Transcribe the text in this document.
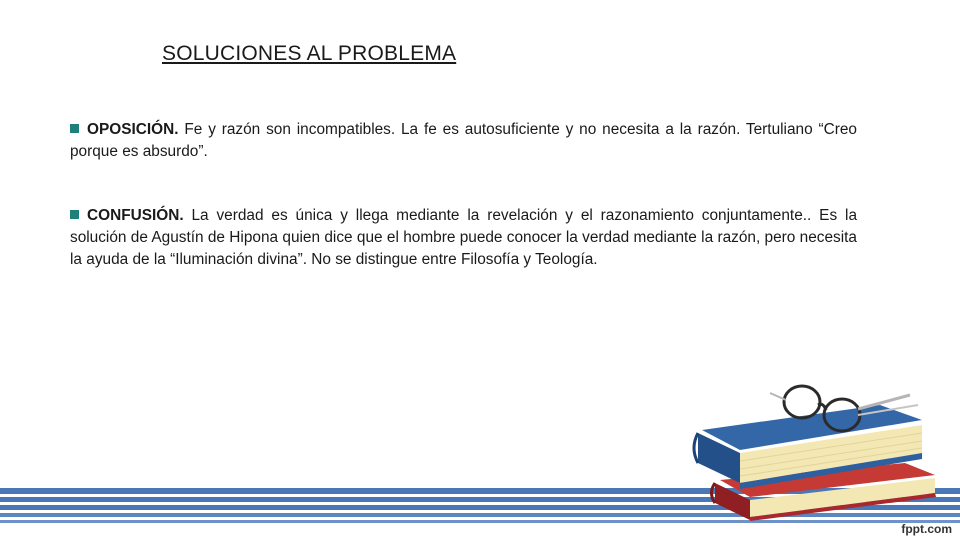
SOLUCIONES AL PROBLEMA

OPOSICIÓN. Fe y razón son incompatibles. La fe es autosuficiente y no necesita a la razón. Tertuliano “Creo porque es absurdo”.

CONFUSIÓN. La verdad es única y llega mediante la revelación y el razonamiento conjuntamente.. Es la solución de Agustín de Hipona quien dice que el hombre puede conocer la verdad mediante la razón, pero necesita la ayuda de la “Iluminación divina”. No se distingue entre Filosofía y Teología.

fppt.com
